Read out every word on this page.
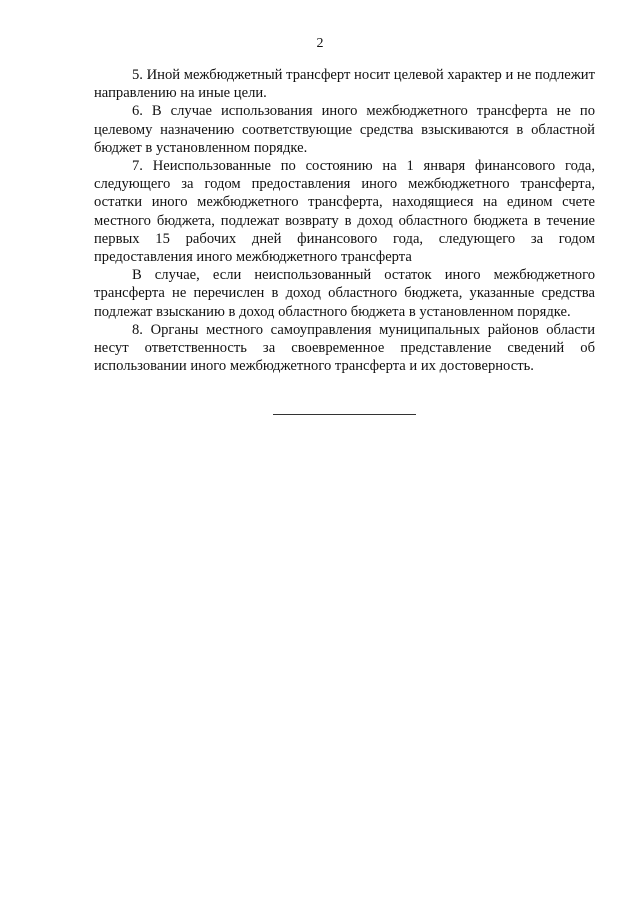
2

5. Иной межбюджетный трансферт носит целевой характер и не подлежит направлению на иные цели.

6. В случае использования иного межбюджетного трансферта не по целевому назначению соответствующие средства взыскиваются в областной бюджет в установленном порядке.

7. Неиспользованные по состоянию на 1 января финансового года, следующего за годом предоставления иного межбюджетного трансферта, остатки иного межбюджетного трансферта, находящиеся на едином счете местного бюджета, подлежат возврату в доход областного бюджета в течение первых 15 рабочих дней финансового года, следующего за годом предоставления иного межбюджетного трансферта

В случае, если неиспользованный остаток иного межбюджетного трансферта не перечислен в доход областного бюджета, указанные средства подлежат взысканию в доход областного бюджета в установленном порядке.

8. Органы местного самоуправления муниципальных районов области несут ответственность за своевременное представление сведений об использовании иного межбюджетного трансферта и их достоверность.
